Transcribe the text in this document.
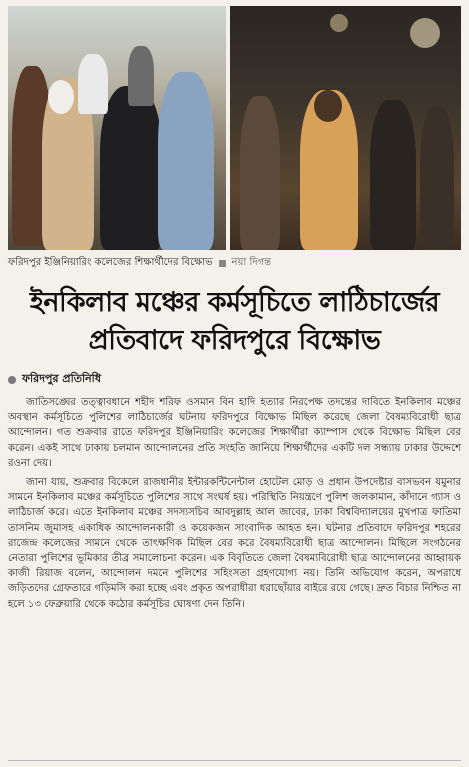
ফরিদপুর ইঞ্জিনিয়ারিং কলেজের শিক্ষার্থীদের বিক্ষোভ নয়া দিগন্ত
ইনকিলাব মঞ্চের কর্মসূচিতে লাঠিচার্জের
প্রতিবাদে ফরিদপুরে বিক্ষোভ
ফরিদপুর প্রতিনিধি
জাতিসঙ্ঘের তত্ত্বাবধানে শহীদ শরিফ ওসমান বিন হাদি হত্যার নিরপেক্ষ তদন্তের দাবিতে ইনকিলাব মঞ্চের অবস্থান কর্মসূচিতে পুলিশের লাঠিচার্জের ঘটনায় ফরিদপুরে বিক্ষোভ মিছিল করেছে জেলা বৈষম্যবিরোধী ছাত্র আন্দোলন। গত শুক্রবার রাতে ফরিদপুর ইঞ্জিনিয়ারিং কলেজের শিক্ষার্থীরা ক্যাম্পাস থেকে বিক্ষোভ মিছিল বের করেন। একই সাথে ঢাকায় চলমান আন্দোলনের প্রতি সংহতি জানিয়ে শিক্ষার্থীদের একটি দল সন্ধ্যায় ঢাকার উদ্দেশে রওনা দেয়।
জানা যায়, শুক্রবার বিকেলে রাজধানীর ইন্টারকন্টিনেন্টাল হোটেল মোড় ও প্রধান উপদেষ্টার বাসভবন যমুনার সামনে ইনকিলাব মঞ্চের কর্মসূচিতে পুলিশের সাথে সংঘর্ষ হয়। পরিস্থিতি নিয়ন্ত্রণে পুলিশ জলকামান, কাঁদানে গ্যাস ও লাঠিচার্জ করে। এতে ইনকিলাব মঞ্চের সদস্যসচিব আবদুল্লাহ আল জাবের, ঢাকা বিশ্ববিদ্যালয়ের মুখপাত্র ফাতিমা তাসনিম জুমাসহ একাধিক আন্দোলনকারী ও কয়েকজন সাংবাদিক আহত হন। ঘটনার প্রতিবাদে ফরিদপুর শহরের রাজেন্দ্র কলেজের সামনে থেকে তাৎক্ষণিক মিছিল বের করে বৈষম্যবিরোধী ছাত্র আন্দোলন। মিছিলে সংগঠনের নেতারা পুলিশের ভূমিকার তীব্র সমালোচনা করেন। এক বিবৃতিতে জেলা বৈষম্যবিরোধী ছাত্র আন্দোলনের আহ্বায়ক কাজী রিয়াজ বলেন, আন্দোলন দমনে পুলিশের সহিংসতা গ্রহণযোগ্য নয়। তিনি অভিযোগ করেন, অপরাধে জড়িতদের গ্রেফতারে গড়িমসি করা হচ্ছে এবং প্রকৃত অপরাধীরা ধরাছোঁয়ার বাইরে রয়ে গেছে। দ্রুত বিচার নিশ্চিত না হলে ১৩ ফেব্রুয়ারি থেকে কঠোর কর্মসূচির ঘোষণা দেন তিনি।
